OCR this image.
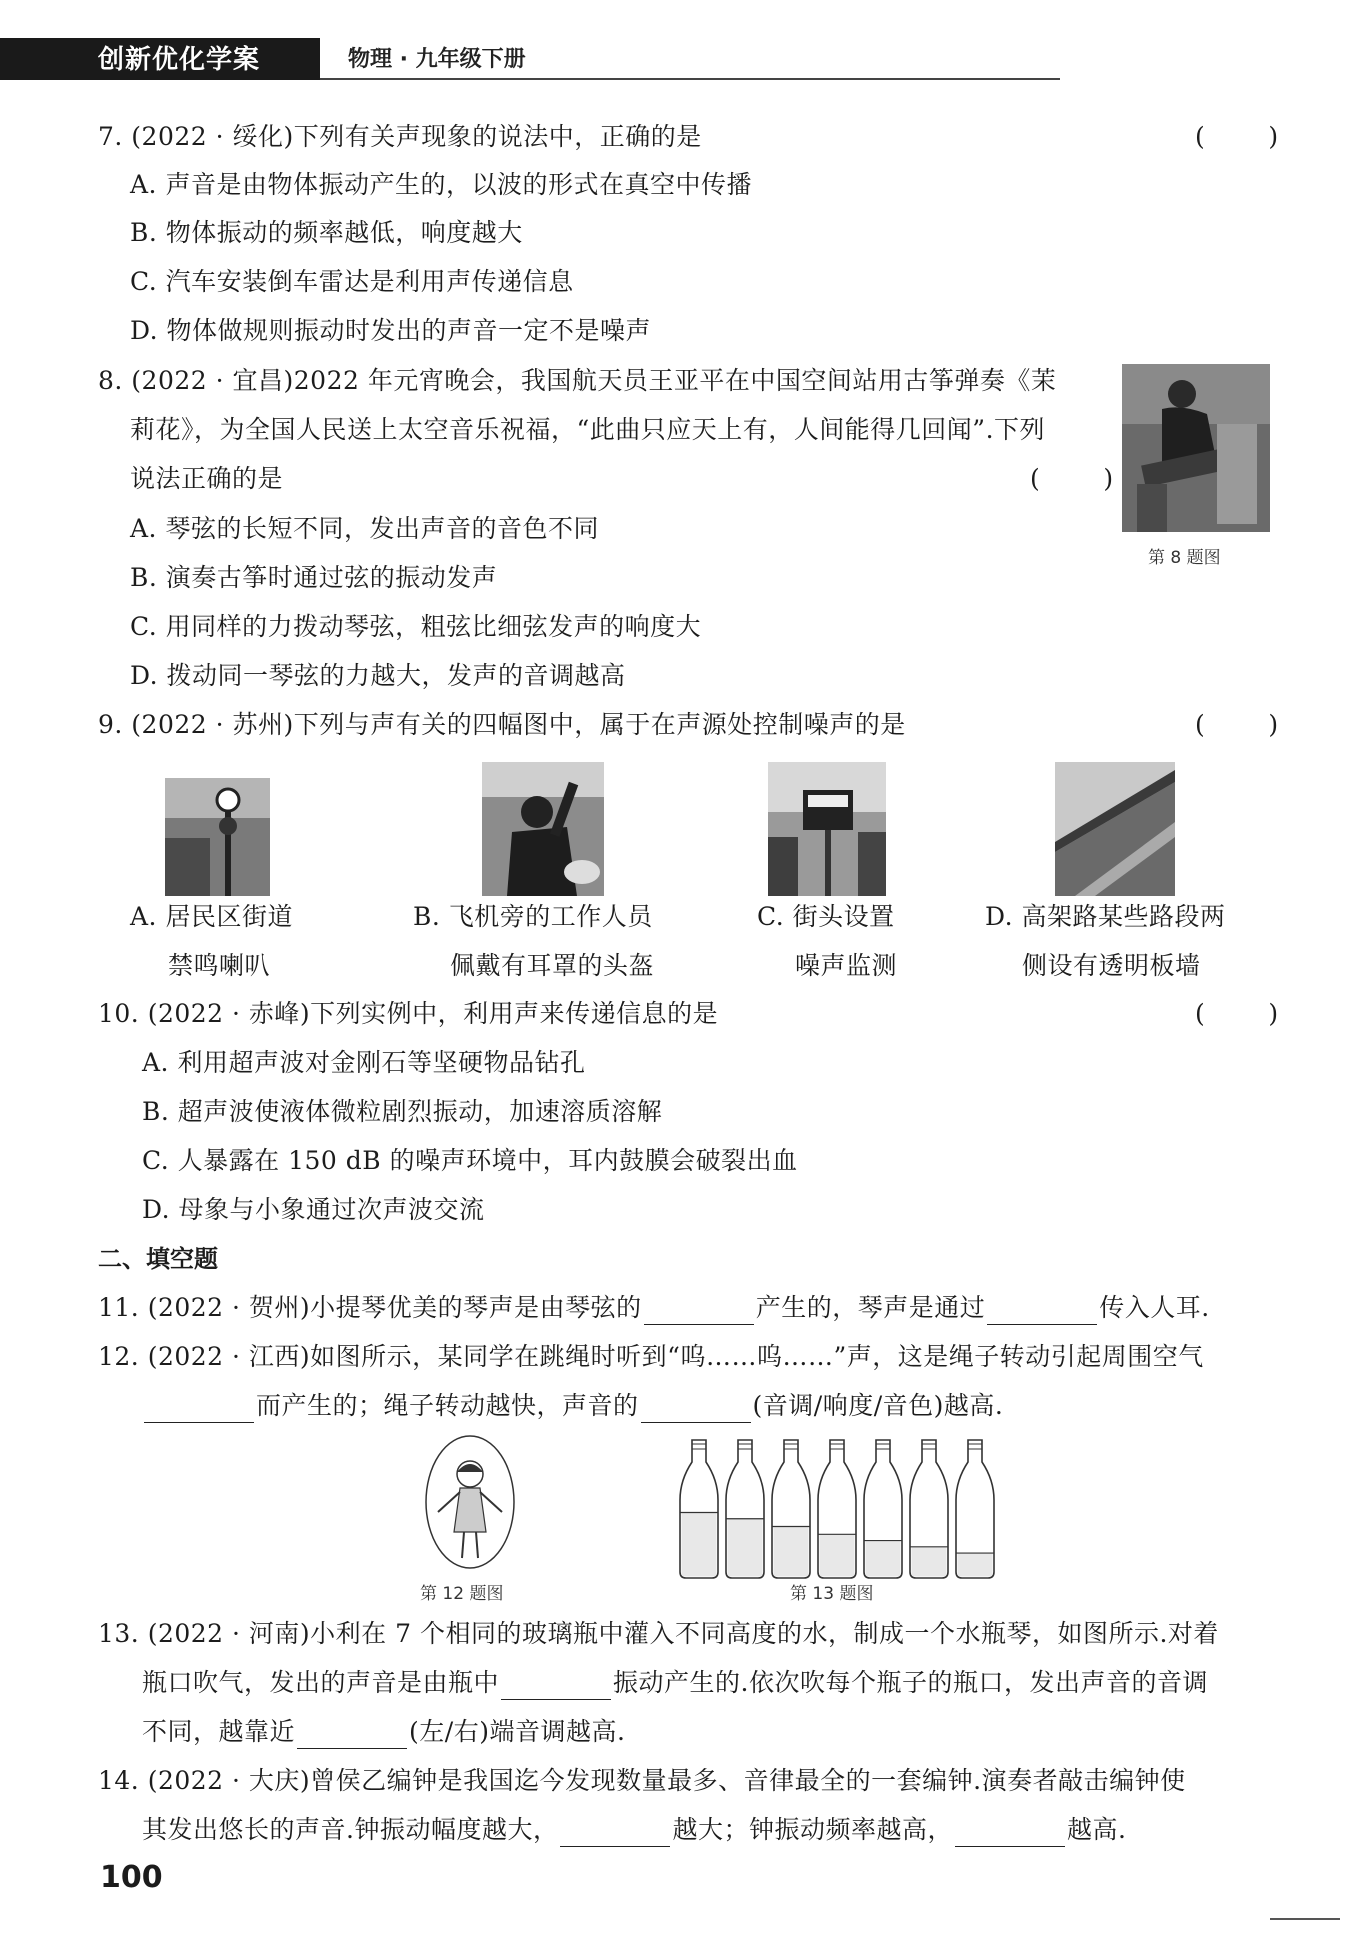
创新优化学案	物理 · 九年级下册
7. (2022 · 绥化)下列有关声现象的说法中，正确的是	(        )
A. 声音是由物体振动产生的，以波的形式在真空中传播
B. 物体振动的频率越低，响度越大
C. 汽车安装倒车雷达是利用声传递信息
D. 物体做规则振动时发出的声音一定不是噪声
8. (2022 · 宜昌)2022 年元宵晚会，我国航天员王亚平在中国空间站用古筝弹奏《茉
莉花》，为全国人民送上太空音乐祝福，“此曲只应天上有，人间能得几回闻”.下列
说法正确的是	(        )
第 8 题图
A. 琴弦的长短不同，发出声音的音色不同
B. 演奏古筝时通过弦的振动发声
C. 用同样的力拨动琴弦，粗弦比细弦发声的响度大
D. 拨动同一琴弦的力越大，发声的音调越高
9. (2022 · 苏州)下列与声有关的四幅图中，属于在声源处控制噪声的是	(        )
A. 居民区街道
禁鸣喇叭
B. 飞机旁的工作人员
佩戴有耳罩的头盔
C. 街头设置
噪声监测
D. 高架路某些路段两
侧设有透明板墙
10. (2022 · 赤峰)下列实例中，利用声来传递信息的是	(        )
A. 利用超声波对金刚石等坚硬物品钻孔
B. 超声波使液体微粒剧烈振动，加速溶质溶解
C. 人暴露在 150 dB 的噪声环境中，耳内鼓膜会破裂出血
D. 母象与小象通过次声波交流
二、填空题
11. (2022 · 贺州)小提琴优美的琴声是由琴弦的	产生的，琴声是通过	传入人耳.
12. (2022 · 江西)如图所示，某同学在跳绳时听到“呜……呜……”声，这是绳子转动引起周围空气
而产生的；绳子转动越快，声音的	(音调/响度/音色)越高.
第 12 题图	第 13 题图
13. (2022 · 河南)小利在 7 个相同的玻璃瓶中灌入不同高度的水，制成一个水瓶琴，如图所示.对着
瓶口吹气，发出的声音是由瓶中	振动产生的.依次吹每个瓶子的瓶口，发出声音的音调
不同，越靠近	(左/右)端音调越高.
14. (2022 · 大庆)曾侯乙编钟是我国迄今发现数量最多、音律最全的一套编钟.演奏者敲击编钟使
其发出悠长的声音.钟振动幅度越大，	越大；钟振动频率越高，	越高.
100
